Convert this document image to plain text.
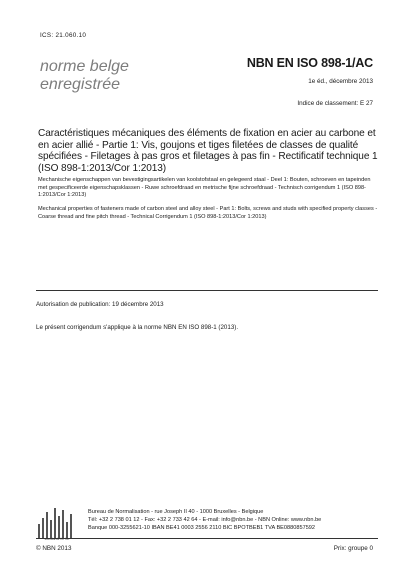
ICS: 21.060.10
norme belge
enregistrée
NBN EN ISO 898-1/AC
1e éd., décembre 2013
Indice de classement: E 27
Caractéristiques mécaniques des éléments de fixation en acier au carbone et en acier allié - Partie 1: Vis, goujons et tiges filetées de classes de qualité spécifiées - Filetages à pas gros et filetages à pas fin - Rectificatif technique 1 (ISO 898-1:2013/Cor 1:2013)
Mechanische eigenschappen van bevestigingsartikelen van koolstofstaal en gelegeerd staal - Deel 1: Bouten, schroeven en tapeinden met gespecificeerde eigenschapsklassen - Ruwe schroefdraad en metrische fijne schroefdraad - Technisch corrigendum 1 (ISO 898-1:2013/Cor 1:2013)
Mechanical properties of fasteners made of carbon steel and alloy steel - Part 1: Bolts, screws and studs with specified property classes - Coarse thread and fine pitch thread - Technical Corrigendum 1 (ISO 898-1:2013/Cor 1:2013)
Autorisation de publication: 19 décembre 2013
Le présent corrigendum s'applique à la norme NBN EN ISO 898-1 (2013).
standards for life
Bureau de Normalisation - rue Joseph II 40 - 1000 Bruxelles - Belgique
Tél: +32 2 738 01 12 - Fax: +32 2 733 42 64 - E-mail: info@nbn.be - NBN Online: www.nbn.be
Banque 000-3255621-10 IBAN BE41 0003 2556 2110 BIC BPOTBEB1 TVA BE0880857592
© NBN 2013	Prix: groupe 0
